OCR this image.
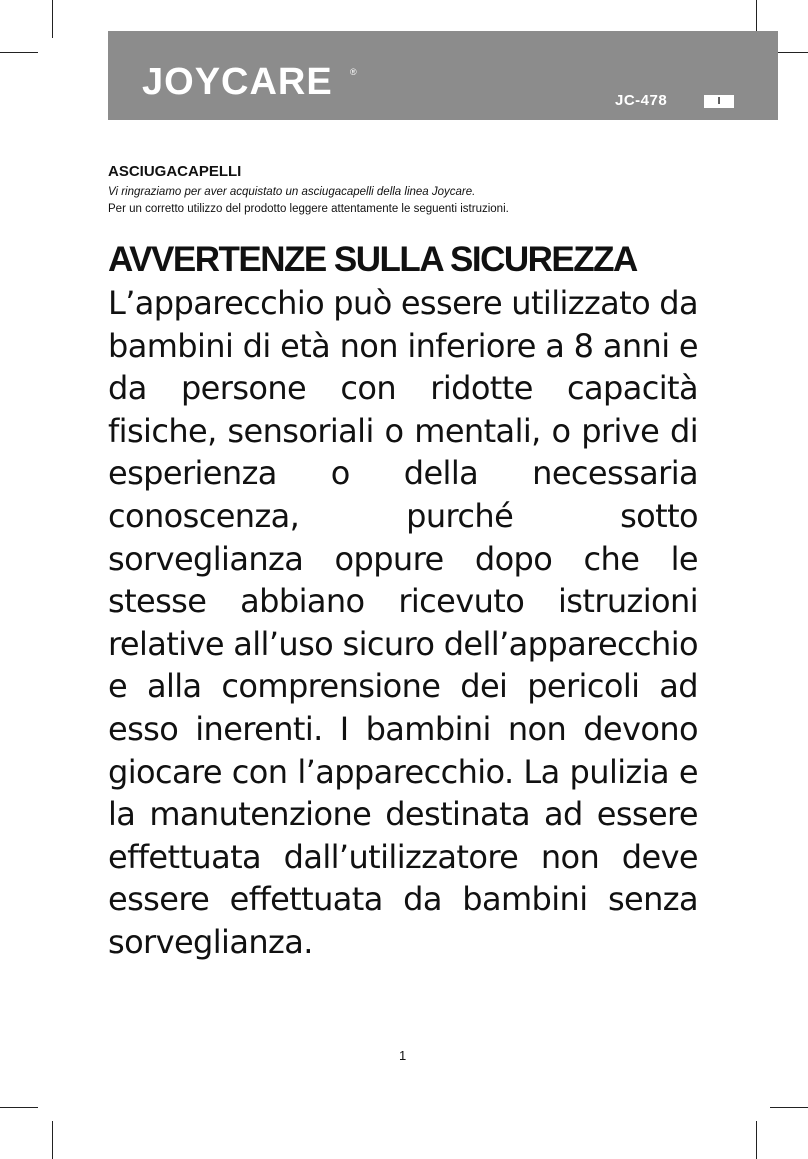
JOYCARE ®
JC-478	I
ASCIUGACAPELLI
Vi ringraziamo per aver acquistato un asciugacapelli della linea Joycare.
Per un corretto utilizzo del prodotto leggere attentamente le seguenti istruzioni.
AVVERTENZE SULLA SICUREZZA

L’apparecchio può essere utilizzato da bambini di età non inferiore a 8 anni e da persone con ridotte capacità fisiche, sensoriali o mentali, o prive di esperienza o della necessaria conoscenza, purché sotto sorveglianza oppure dopo che le stesse abbiano ricevuto istruzioni relative all’uso sicuro dell’apparecchio e alla comprensione dei pericoli ad esso inerenti. I bambini non devono giocare con l’apparecchio. La pulizia e la manutenzione destinata ad essere effettuata dall’utilizzatore non deve essere effettuata da bambini senza sorveglianza.

1
